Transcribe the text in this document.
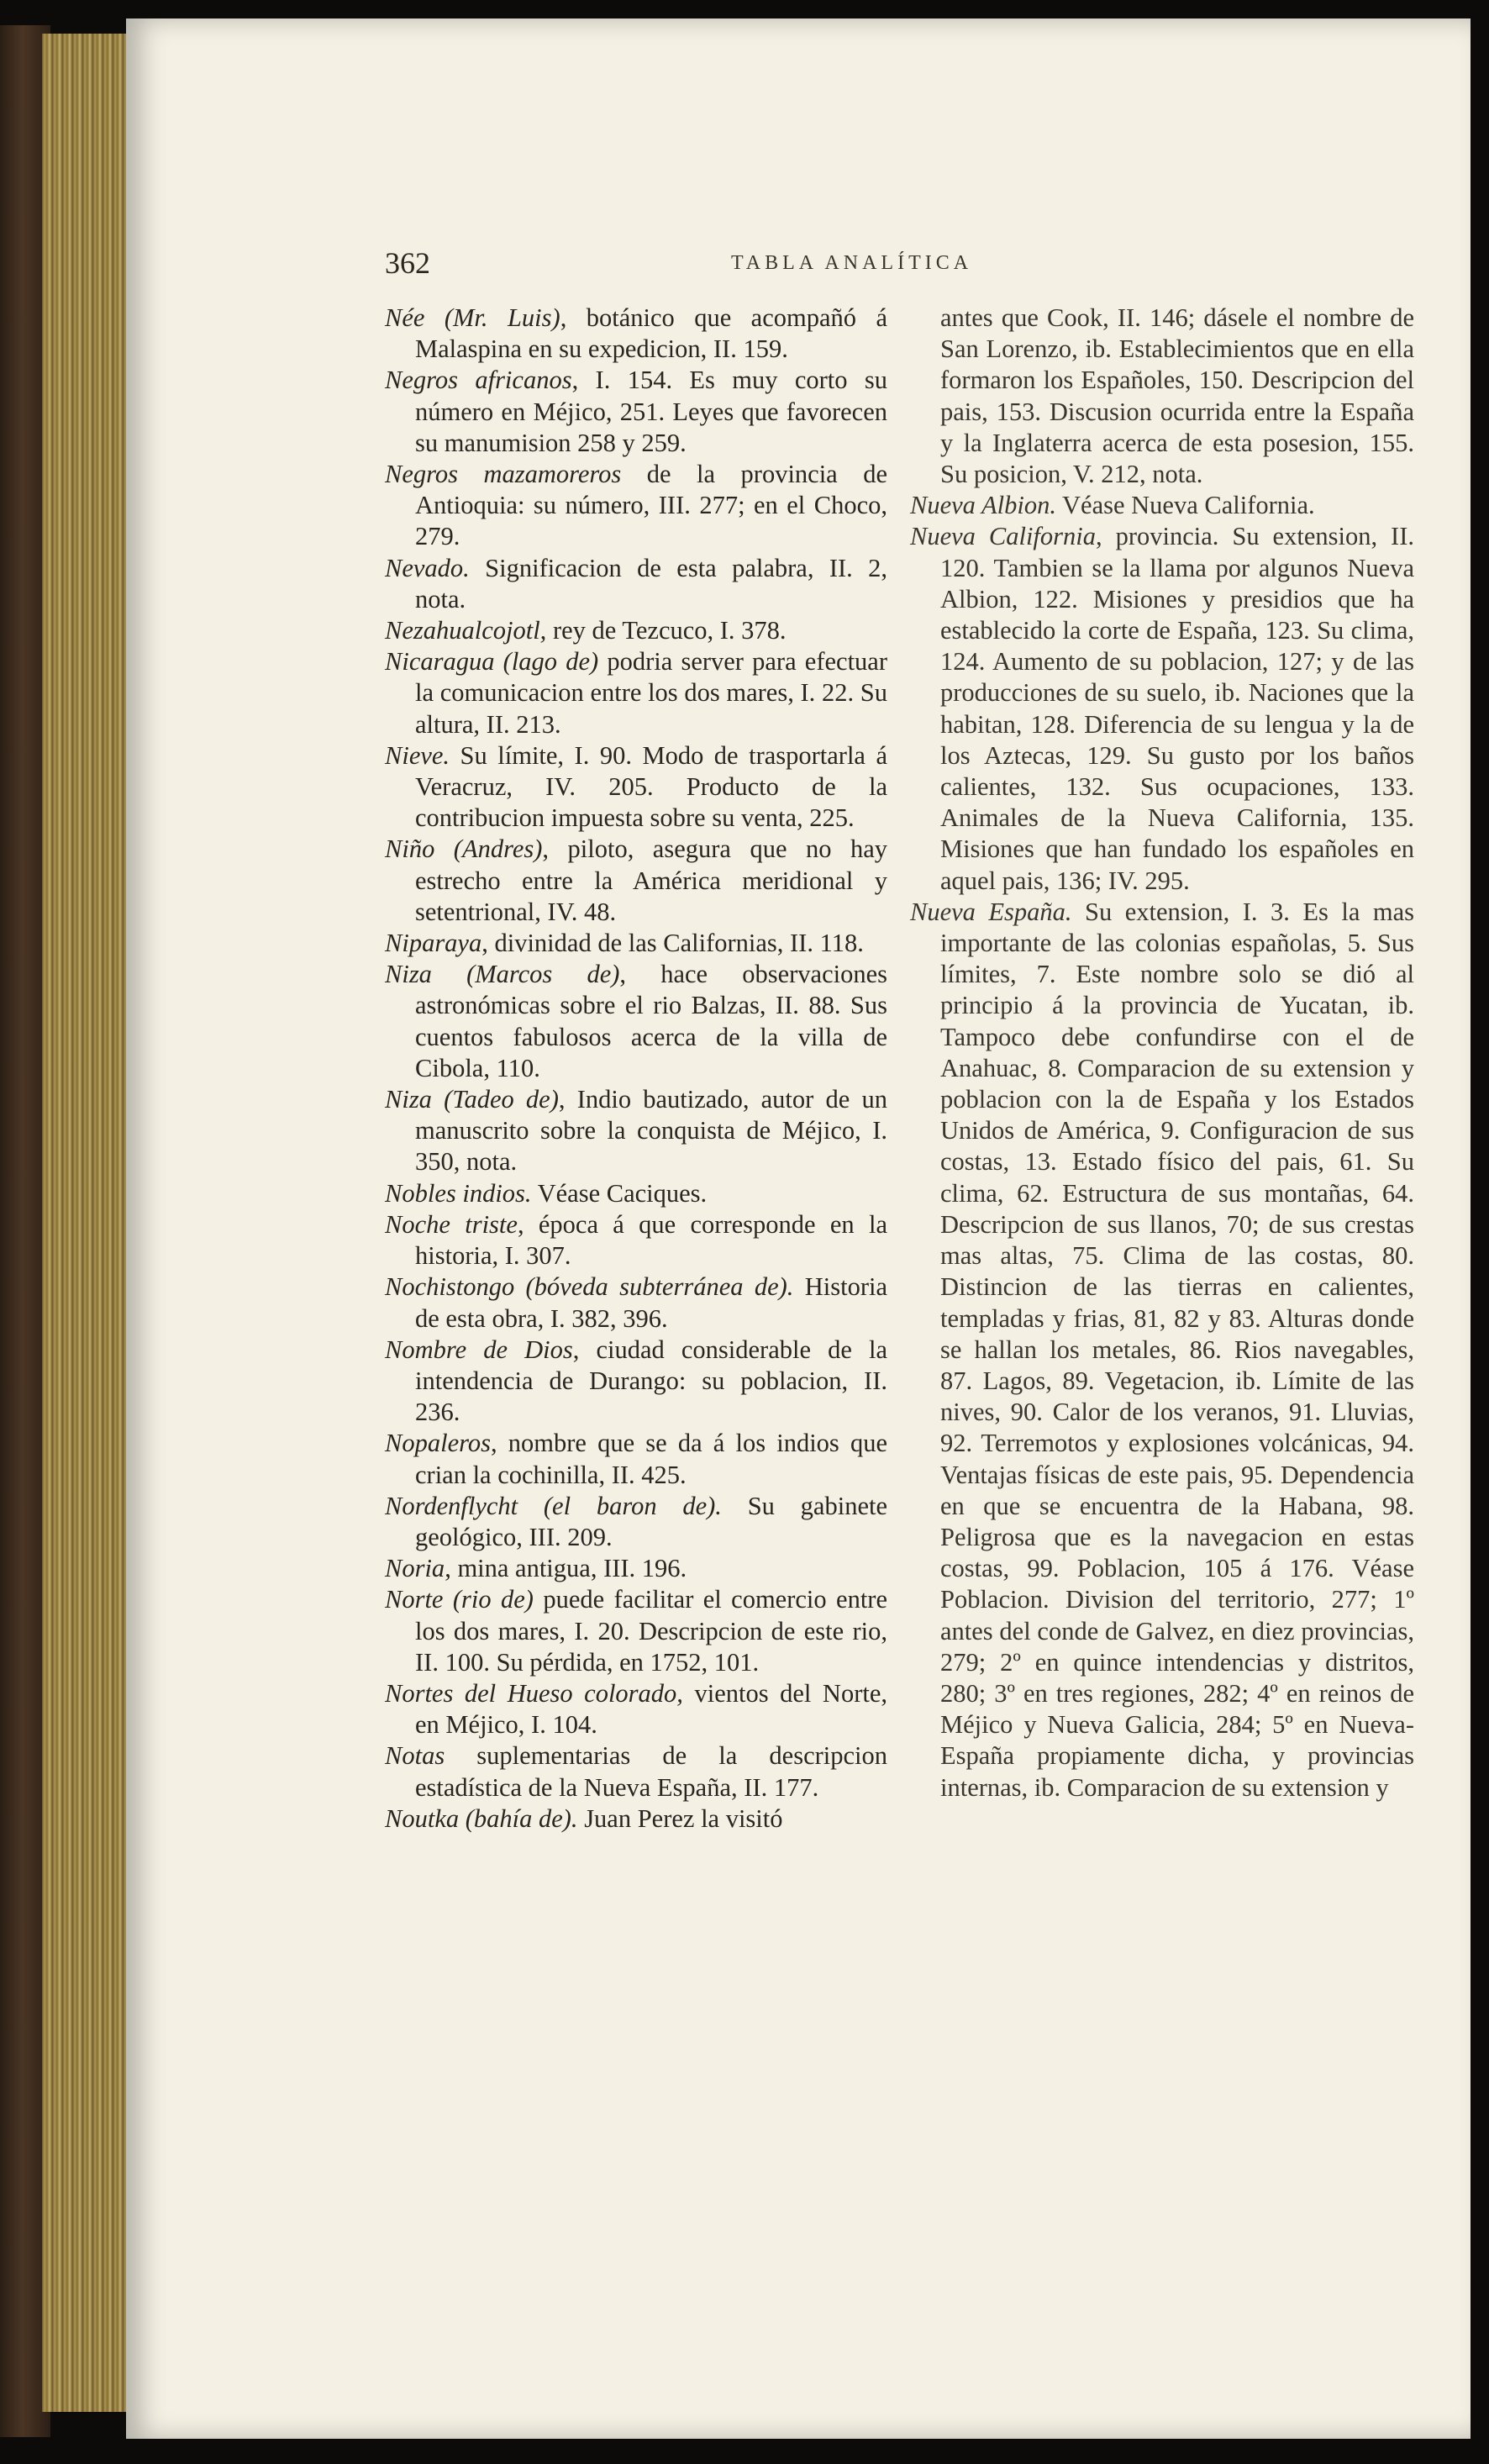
362	TABLA ANALÍTICA

Née (Mr. Luis), botánico que acompañó á Malaspina en su expedicion, II. 159.

Negros africanos, I. 154. Es muy corto su número en Méjico, 251. Leyes que favorecen su manumision 258 y 259.

Negros mazamoreros de la provincia de Antioquia: su número, III. 277; en el Choco, 279.

Nevado. Significacion de esta palabra, II. 2, nota.

Nezahualcojotl, rey de Tezcuco, I. 378.

Nicaragua (lago de) podria server para efectuar la comunicacion entre los dos mares, I. 22. Su altura, II. 213.

Nieve. Su límite, I. 90. Modo de trasportarla á Veracruz, IV. 205. Producto de la contribucion impuesta sobre su venta, 225.

Niño (Andres), piloto, asegura que no hay estrecho entre la América meridional y setentrional, IV. 48.

Niparaya, divinidad de las Californias, II. 118.

Niza (Marcos de), hace observaciones astronómicas sobre el rio Balzas, II. 88. Sus cuentos fabulosos acerca de la villa de Cibola, 110.

Niza (Tadeo de), Indio bautizado, autor de un manuscrito sobre la conquista de Méjico, I. 350, nota.

Nobles indios. Véase Caciques.

Noche triste, época á que corresponde en la historia, I. 307.

Nochistongo (bóveda subterránea de). Historia de esta obra, I. 382, 396.

Nombre de Dios, ciudad considerable de la intendencia de Durango: su poblacion, II. 236.

Nopaleros, nombre que se da á los indios que crian la cochinilla, II. 425.

Nordenflycht (el baron de). Su gabinete geológico, III. 209.

Noria, mina antigua, III. 196.

Norte (rio de) puede facilitar el comercio entre los dos mares, I. 20. Descripcion de este rio, II. 100. Su pérdida, en 1752, 101.

Nortes del Hueso colorado, vientos del Norte, en Méjico, I. 104.

Notas suplementarias de la descripcion estadística de la Nueva España, II. 177.

Noutka (bahía de). Juan Perez la visitó

antes que Cook, II. 146; dásele el nombre de San Lorenzo, ib. Establecimientos que en ella formaron los Españoles, 150. Descripcion del pais, 153. Discusion ocurrida entre la España y la Inglaterra acerca de esta posesion, 155. Su posicion, V. 212, nota.

Nueva Albion. Véase Nueva California.

Nueva California, provincia. Su extension, II. 120. Tambien se la llama por algunos Nueva Albion, 122. Misiones y presidios que ha establecido la corte de España, 123. Su clima, 124. Aumento de su poblacion, 127; y de las producciones de su suelo, ib. Naciones que la habitan, 128. Diferencia de su lengua y la de los Aztecas, 129. Su gusto por los baños calientes, 132. Sus ocupaciones, 133. Animales de la Nueva California, 135. Misiones que han fundado los españoles en aquel pais, 136; IV. 295.

Nueva España. Su extension, I. 3. Es la mas importante de las colonias españolas, 5. Sus límites, 7. Este nombre solo se dió al principio á la provincia de Yucatan, ib. Tampoco debe confundirse con el de Anahuac, 8. Comparacion de su extension y poblacion con la de España y los Estados Unidos de América, 9. Configuracion de sus costas, 13. Estado físico del pais, 61. Su clima, 62. Estructura de sus montañas, 64. Descripcion de sus llanos, 70; de sus crestas mas altas, 75. Clima de las costas, 80. Distincion de las tierras en calientes, templadas y frias, 81, 82 y 83. Alturas donde se hallan los metales, 86. Rios navegables, 87. Lagos, 89. Vegetacion, ib. Límite de las nives, 90. Calor de los veranos, 91. Lluvias, 92. Terremotos y explosiones volcánicas, 94. Ventajas físicas de este pais, 95. Dependencia en que se encuentra de la Habana, 98. Peligrosa que es la navegacion en estas costas, 99. Poblacion, 105 á 176. Véase Poblacion. Division del territorio, 277; 1º antes del conde de Galvez, en diez provincias, 279; 2º en quince intendencias y distritos, 280; 3º en tres regiones, 282; 4º en reinos de Méjico y Nueva Galicia, 284; 5º en Nueva-España propiamente dicha, y provincias internas, ib. Comparacion de su extension y
